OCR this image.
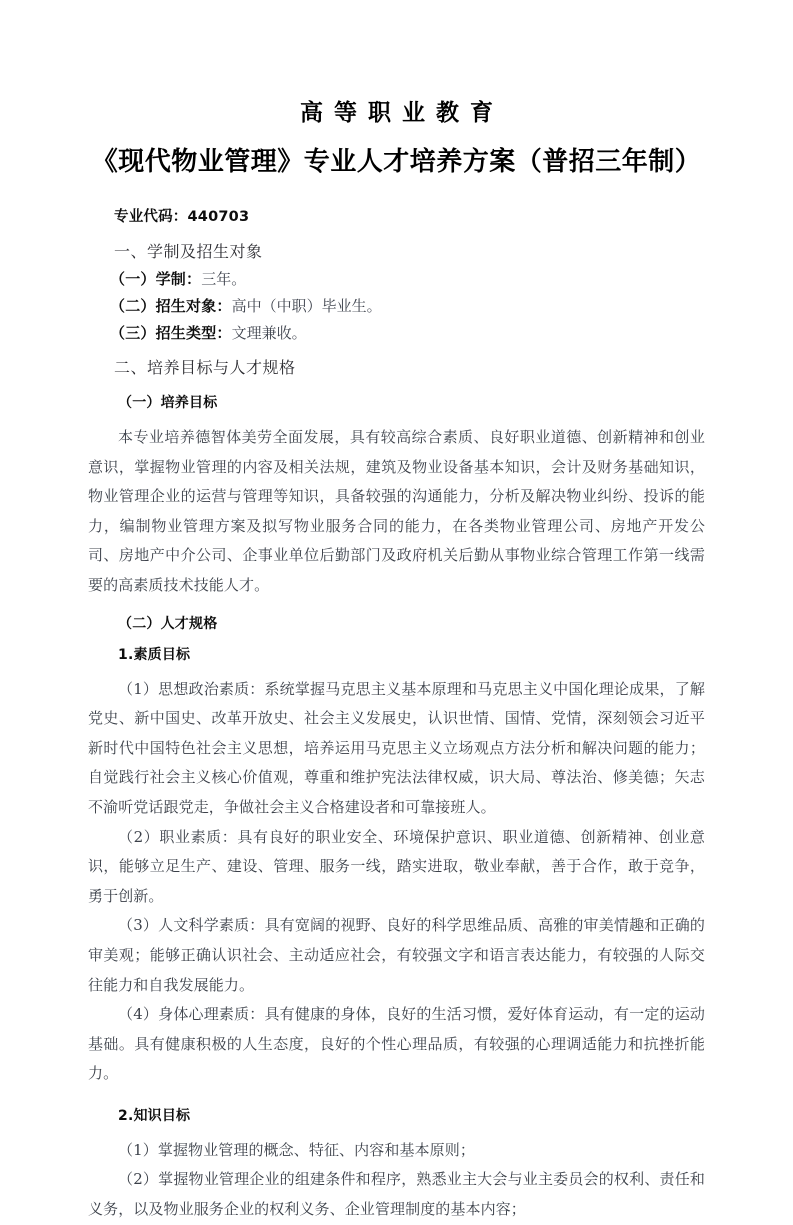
高等职业教育
《现代物业管理》专业人才培养方案（普招三年制）
专业代码：440703
一、学制及招生对象
（一）学制：三年。
（二）招生对象：高中（中职）毕业生。
（三）招生类型：文理兼收。
二、培养目标与人才规格
（一）培养目标

本专业培养德智体美劳全面发展，具有较高综合素质、良好职业道德、创新精神和创业意识，掌握物业管理的内容及相关法规，建筑及物业设备基本知识，会计及财务基础知识，物业管理企业的运营与管理等知识，具备较强的沟通能力，分析及解决物业纠纷、投诉的能力，编制物业管理方案及拟写物业服务合同的能力，在各类物业管理公司、房地产开发公司、房地产中介公司、企事业单位后勤部门及政府机关后勤从事物业综合管理工作第一线需要的高素质技术技能人才。

（二）人才规格
1.素质目标

（1）思想政治素质：系统掌握马克思主义基本原理和马克思主义中国化理论成果，了解党史、新中国史、改革开放史、社会主义发展史，认识世情、国情、党情，深刻领会习近平新时代中国特色社会主义思想，培养运用马克思主义立场观点方法分析和解决问题的能力；自觉践行社会主义核心价值观，尊重和维护宪法法律权威，识大局、尊法治、修美德；矢志不渝听党话跟党走，争做社会主义合格建设者和可靠接班人。

（2）职业素质：具有良好的职业安全、环境保护意识、职业道德、创新精神、创业意识，能够立足生产、建设、管理、服务一线，踏实进取，敬业奉献，善于合作，敢于竞争，勇于创新。

（3）人文科学素质：具有宽阔的视野、良好的科学思维品质、高雅的审美情趣和正确的审美观；能够正确认识社会、主动适应社会，有较强文字和语言表达能力，有较强的人际交往能力和自我发展能力。

（4）身体心理素质：具有健康的身体，良好的生活习惯，爱好体育运动，有一定的运动基础。具有健康积极的人生态度，良好的个性心理品质，有较强的心理调适能力和抗挫折能力。

2.知识目标

（1）掌握物业管理的概念、特征、内容和基本原则；

（2）掌握物业管理企业的组建条件和程序，熟悉业主大会与业主委员会的权利、责任和义务，以及物业服务企业的权利义务、企业管理制度的基本内容；
